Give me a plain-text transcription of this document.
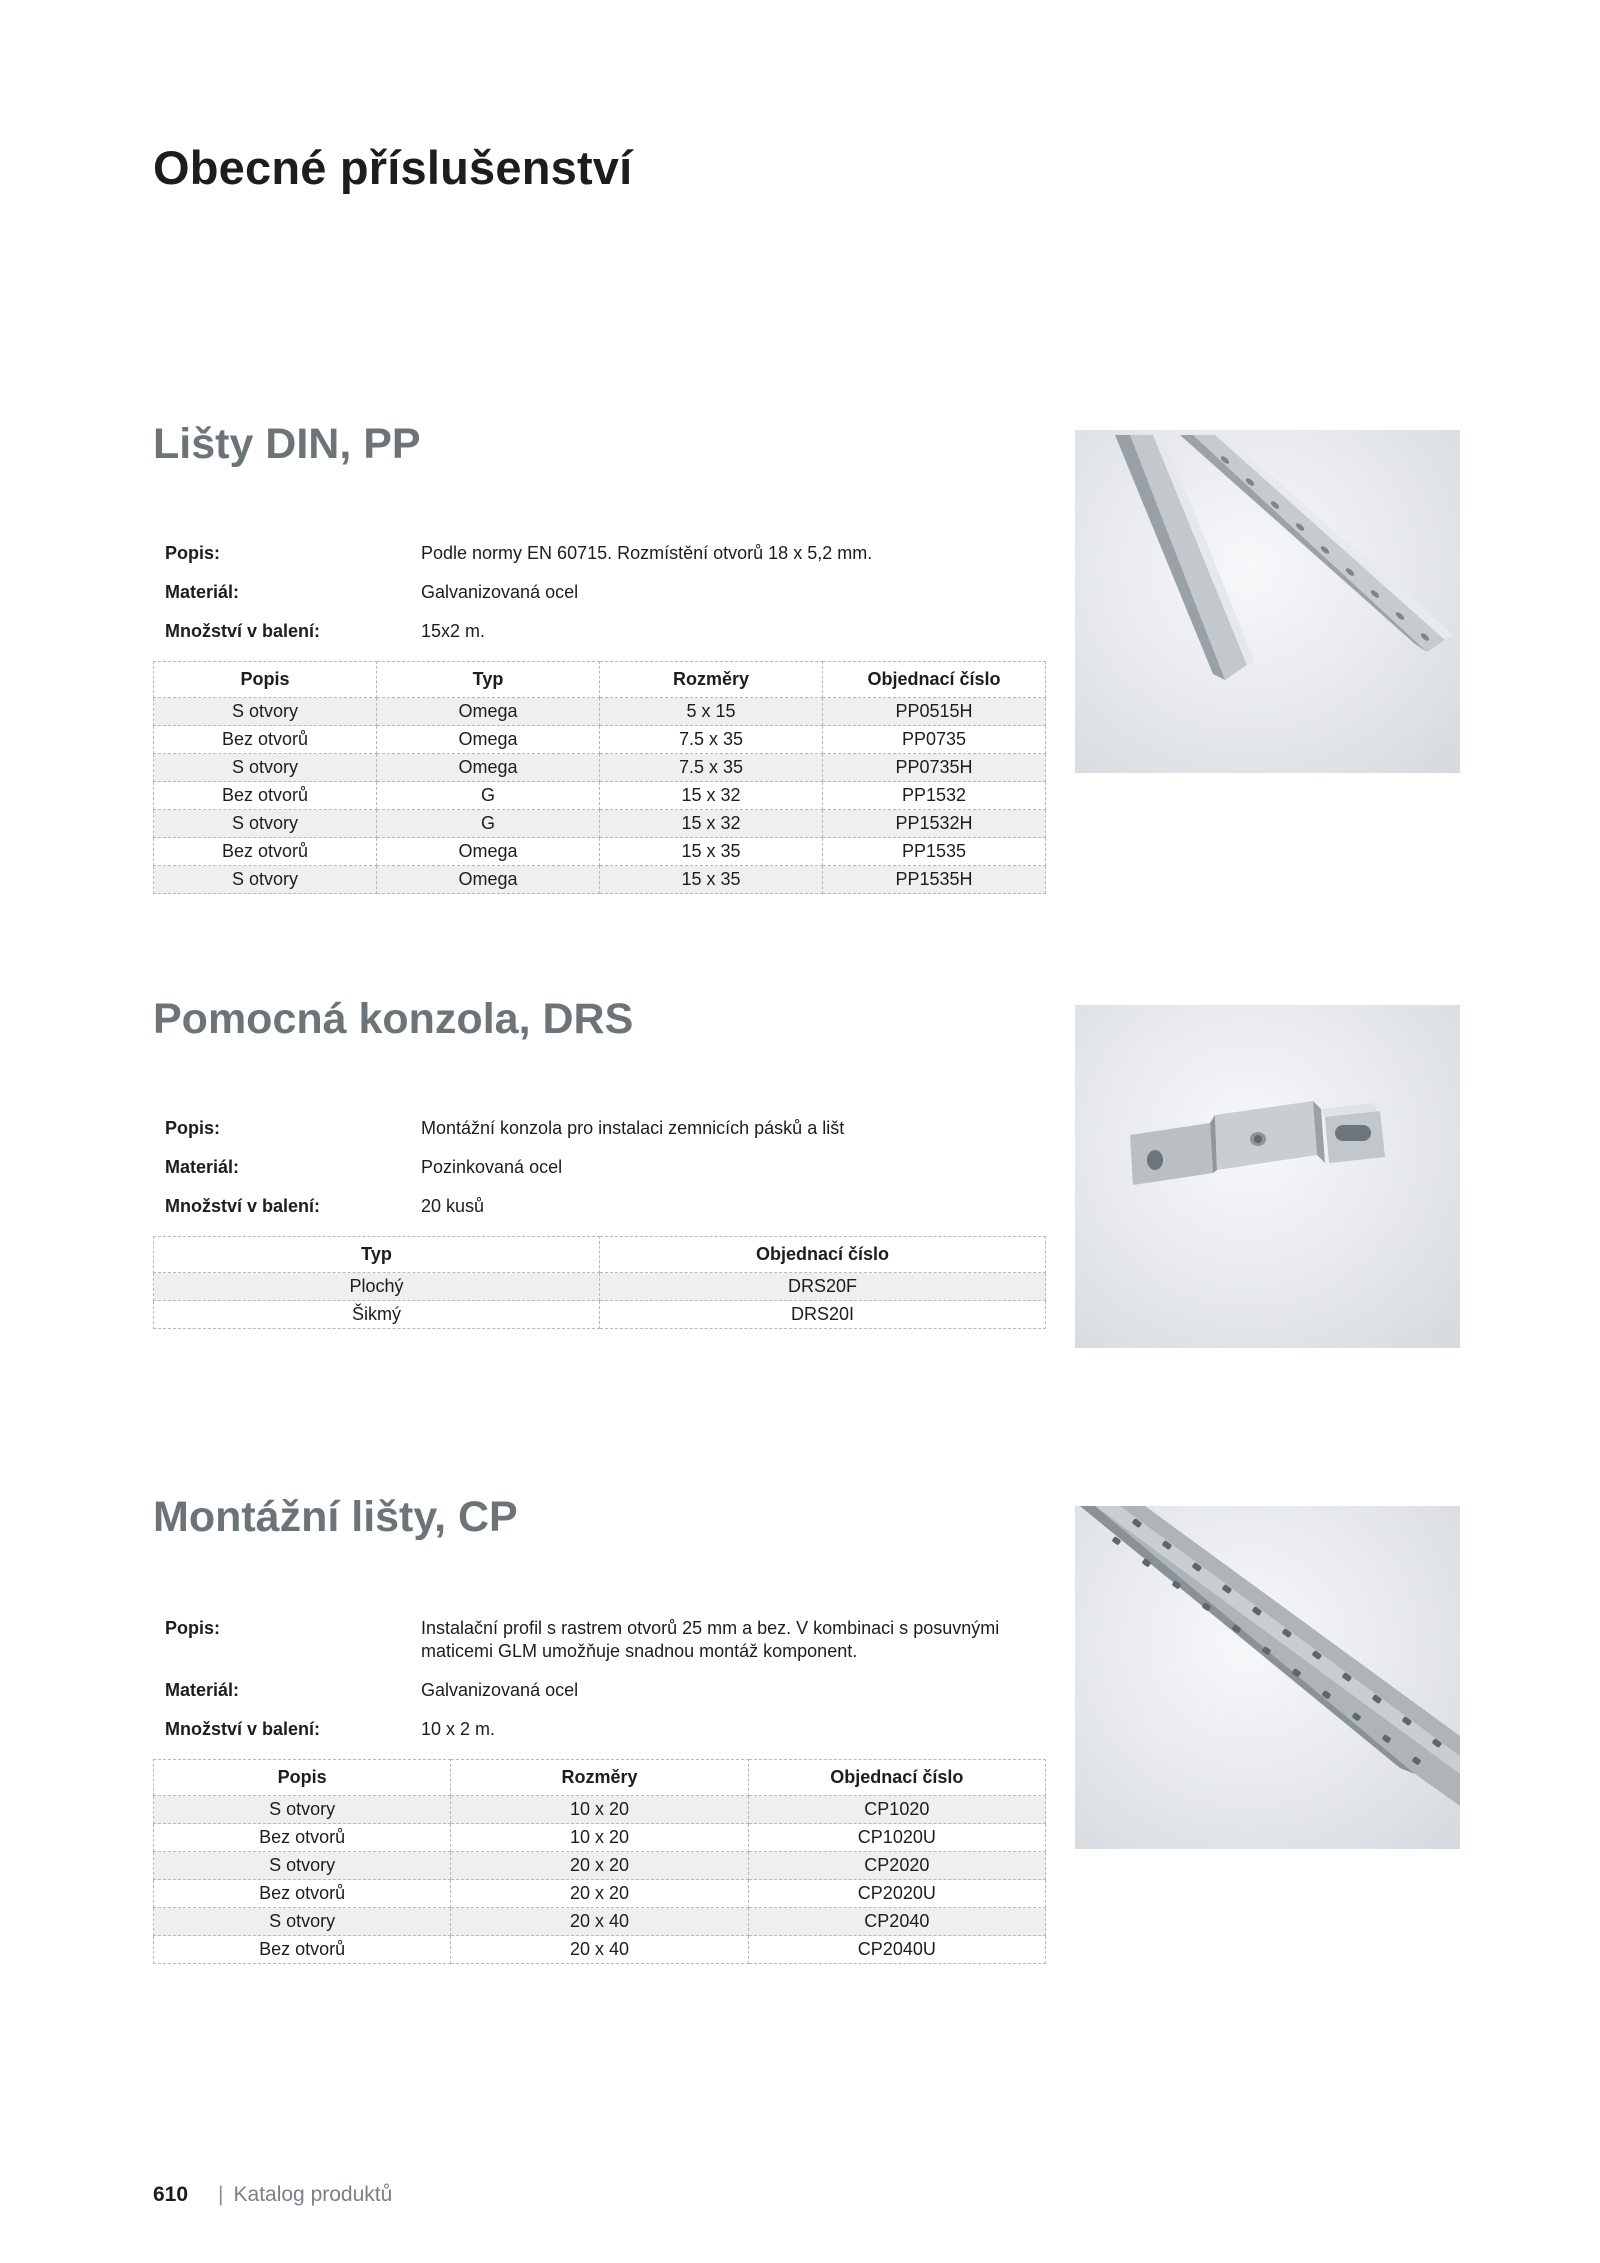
Obecné příslušenství
Lišty DIN, PP
Popis:	Podle normy EN 60715. Rozmístění otvorů 18 x 5,2 mm.
Materiál:	Galvanizovaná ocel
Množství v balení:	15x2 m.
Popis	Typ	Rozměry	Objednací číslo
S otvory	Omega	5 x 15	PP0515H
Bez otvorů	Omega	7.5 x 35	PP0735
S otvory	Omega	7.5 x 35	PP0735H
Bez otvorů	G	15 x 32	PP1532
S otvory	G	15 x 32	PP1532H
Bez otvorů	Omega	15 x 35	PP1535
S otvory	Omega	15 x 35	PP1535H
Pomocná konzola, DRS
Popis:	Montážní konzola pro instalaci zemnicích pásků a lišt
Materiál:	Pozinkovaná ocel
Množství v balení:	20 kusů
Typ	Objednací číslo
Plochý	DRS20F
Šikmý	DRS20I
Montážní lišty, CP
Popis:	Instalační profil s rastrem otvorů 25 mm a bez. V kombinaci s posuvnými maticemi GLM umožňuje snadnou montáž komponent.
Materiál:	Galvanizovaná ocel
Množství v balení:	10 x 2 m.
Popis	Rozměry	Objednací číslo
S otvory	10 x 20	CP1020
Bez otvorů	10 x 20	CP1020U
S otvory	20 x 20	CP2020
Bez otvorů	20 x 20	CP2020U
S otvory	20 x 40	CP2040
Bez otvorů	20 x 40	CP2040U
610 | Katalog produktů
